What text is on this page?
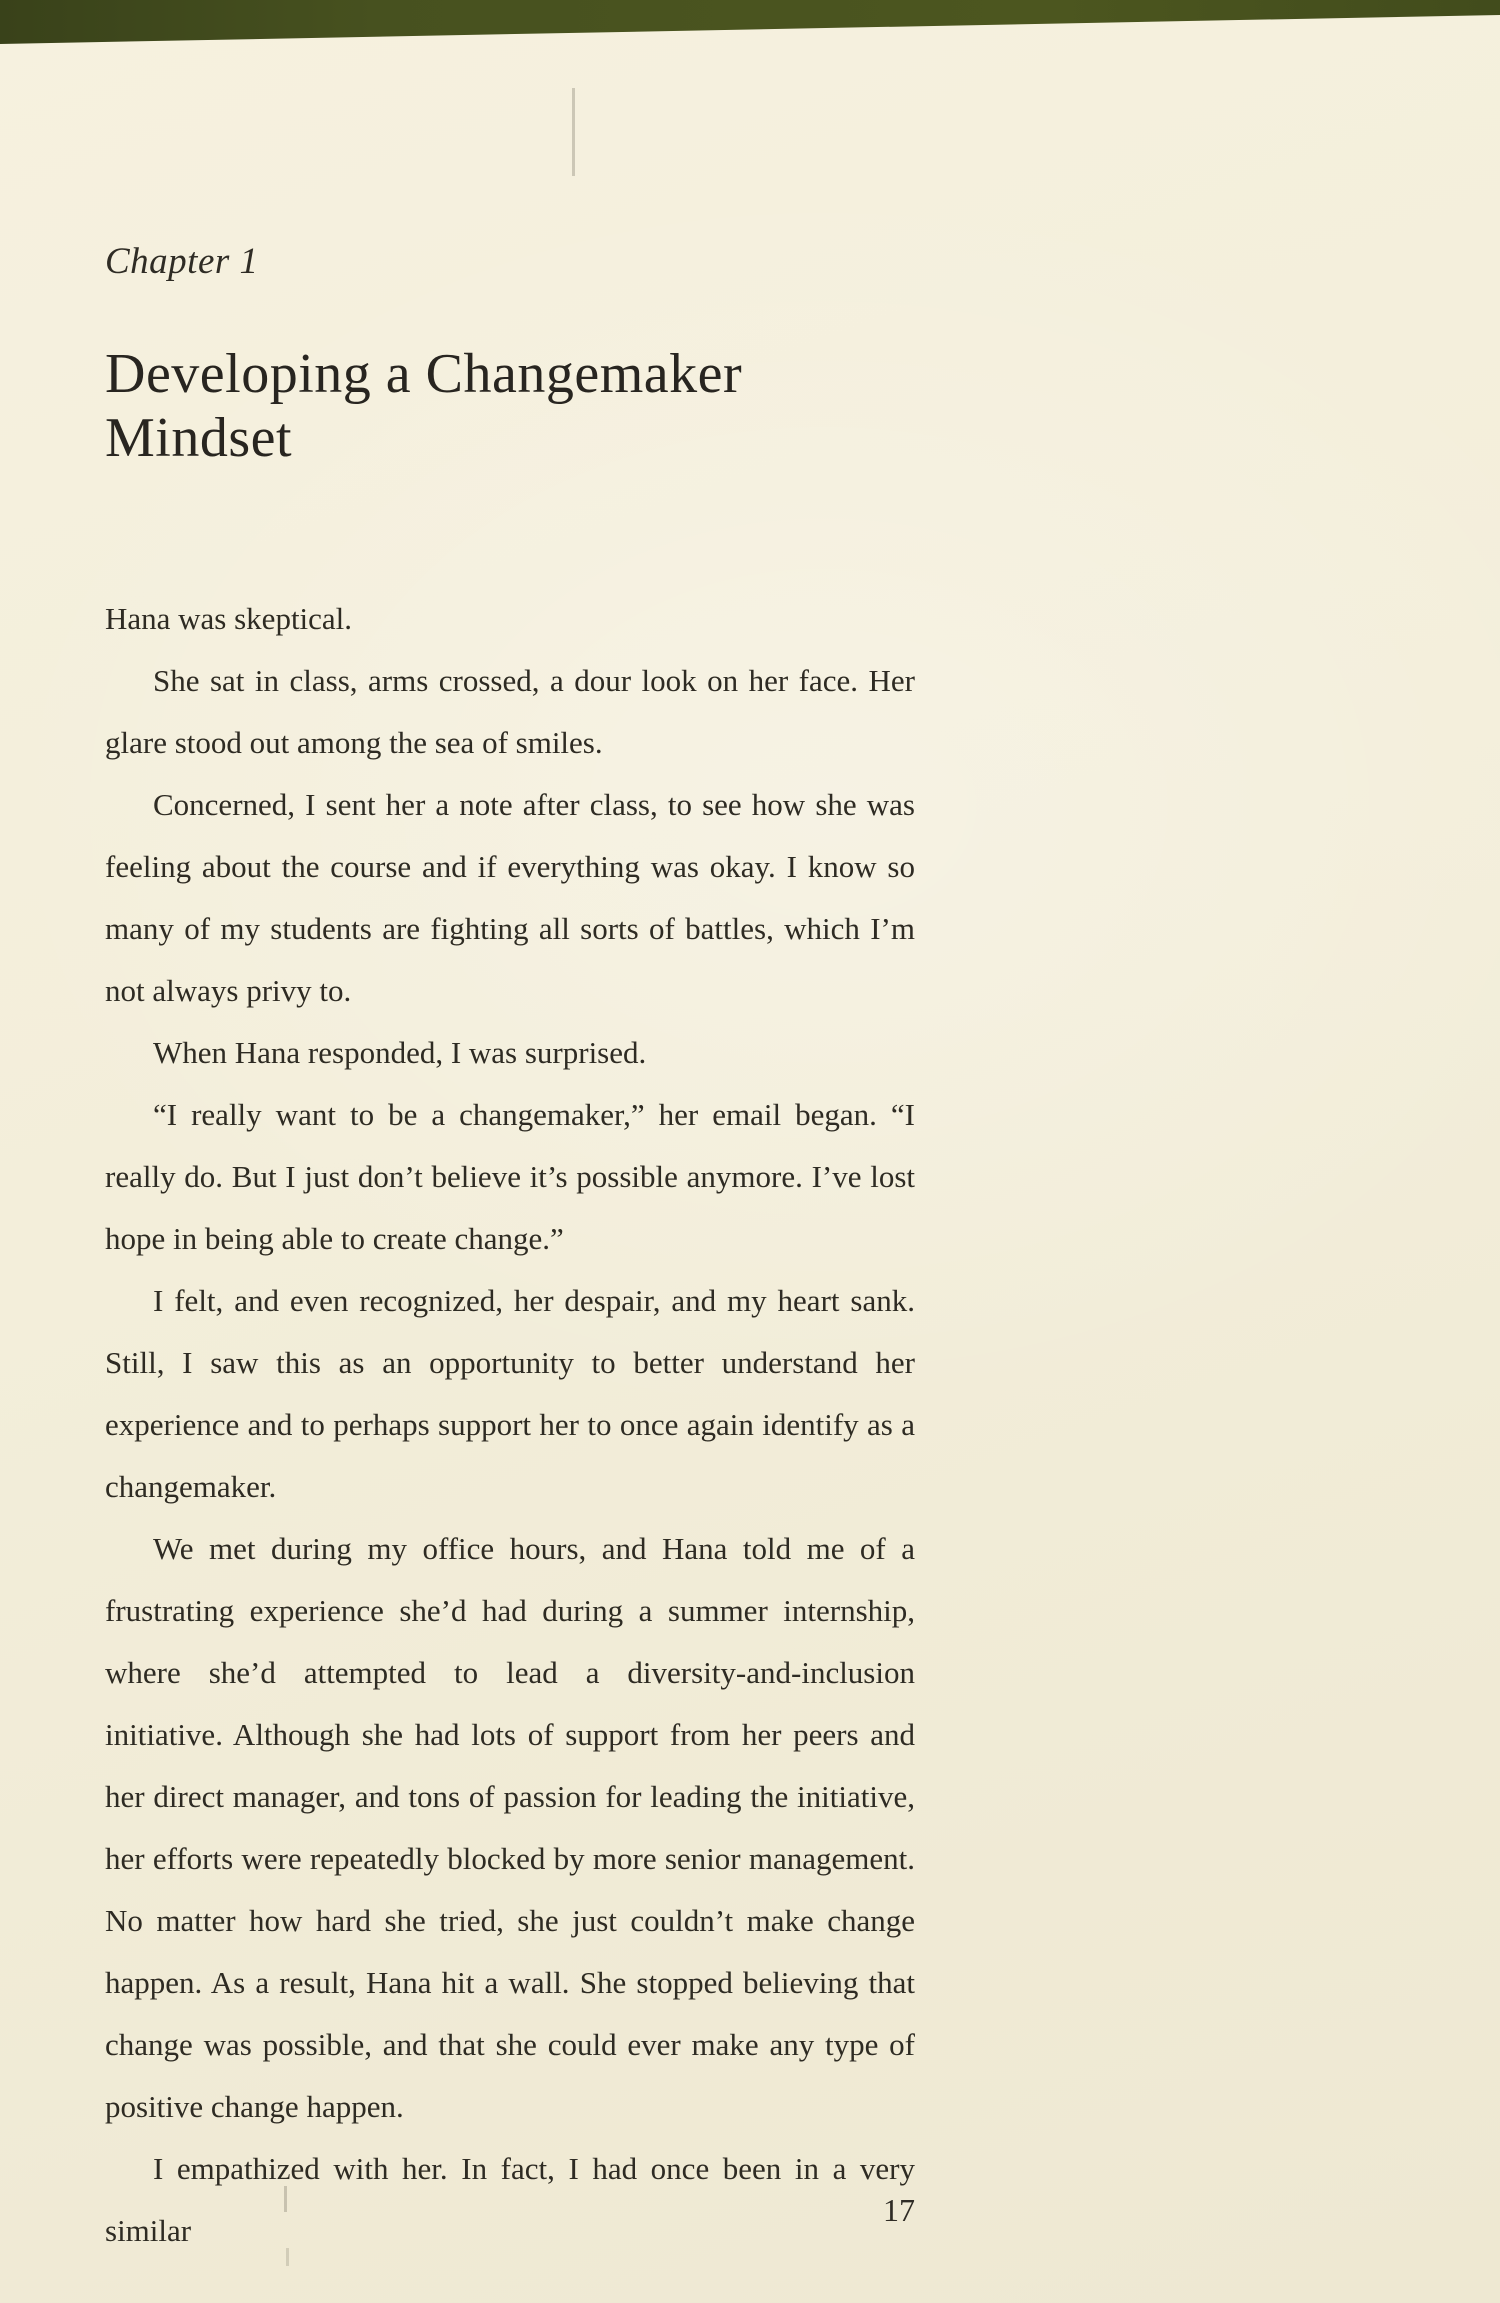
Chapter 1
Developing a Changemaker Mindset

Hana was skeptical.

She sat in class, arms crossed, a dour look on her face. Her glare stood out among the sea of smiles.

Concerned, I sent her a note after class, to see how she was feeling about the course and if everything was okay. I know so many of my students are fighting all sorts of battles, which I’m not always privy to.

When Hana responded, I was surprised.

“I really want to be a changemaker,” her email began. “I really do. But I just don’t believe it’s possible anymore. I’ve lost hope in being able to create change.”

I felt, and even recognized, her despair, and my heart sank. Still, I saw this as an opportunity to better understand her experience and to perhaps support her to once again identify as a changemaker.

We met during my office hours, and Hana told me of a frustrating experience she’d had during a summer internship, where she’d attempted to lead a diversity-and-inclusion initiative. Although she had lots of support from her peers and her direct manager, and tons of passion for leading the initiative, her efforts were repeatedly blocked by more senior management. No matter how hard she tried, she just couldn’t make change happen. As a result, Hana hit a wall. She stopped believing that change was possible, and that she could ever make any type of positive change happen.

I empathized with her. In fact, I had once been in a very similar

17
